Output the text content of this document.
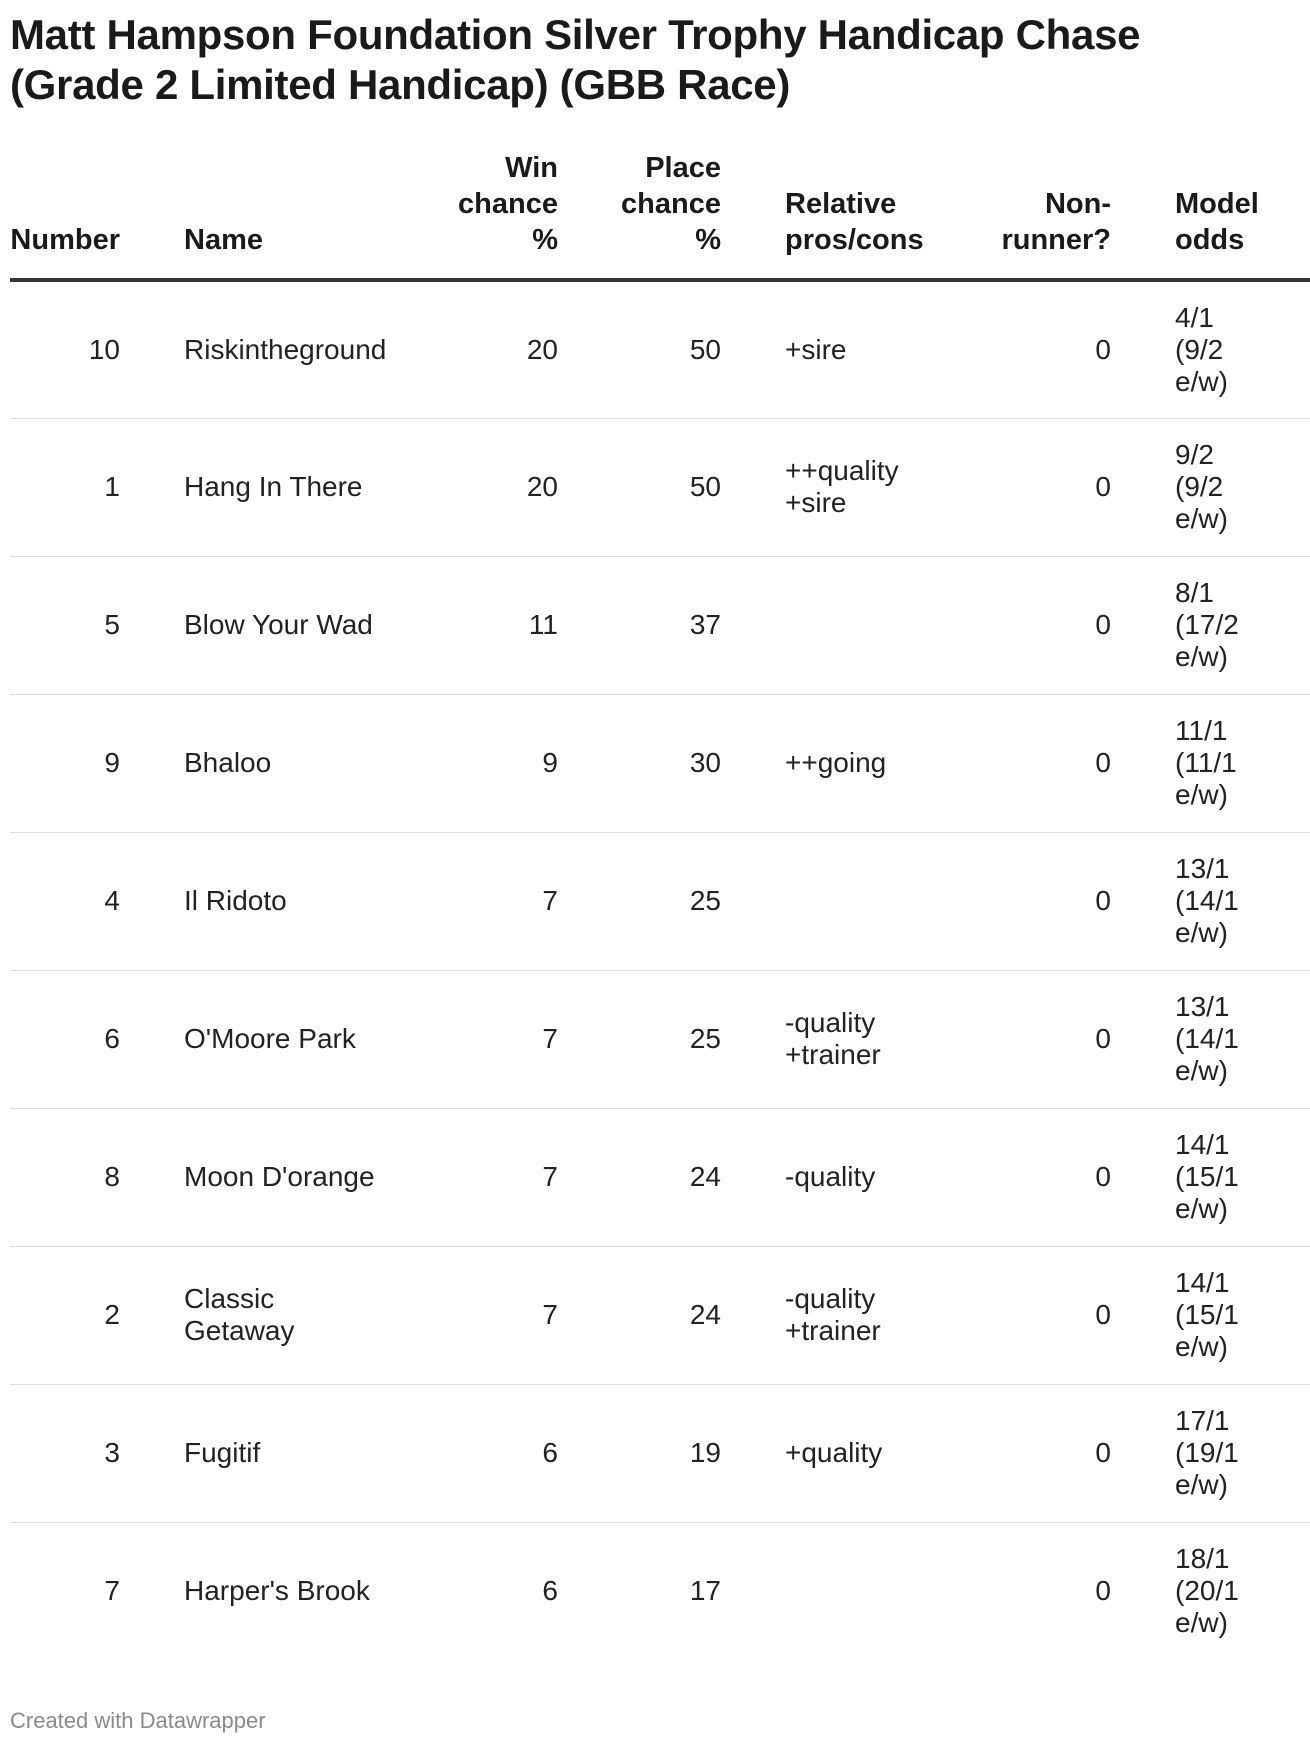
Matt Hampson Foundation Silver Trophy Handicap Chase (Grade 2 Limited Handicap) (GBB Race)
Number	Name	Win
chance
%	Place
chance
%	Relative
pros/cons	Non-
runner?	Model
odds
10	Riskintheground	20	50	+sire	0	4/1
(9/2
e/w)
1	Hang In There	20	50	++quality
+sire	0	9/2
(9/2
e/w)
5	Blow Your Wad	11	37		0	8/1
(17/2
e/w)
9	Bhaloo	9	30	++going	0	11/1
(11/1
e/w)
4	Il Ridoto	7	25		0	13/1
(14/1
e/w)
6	O'Moore Park	7	25	-quality
+trainer	0	13/1
(14/1
e/w)
8	Moon D'orange	7	24	-quality	0	14/1
(15/1
e/w)
2	Classic
Getaway	7	24	-quality
+trainer	0	14/1
(15/1
e/w)
3	Fugitif	6	19	+quality	0	17/1
(19/1
e/w)
7	Harper's Brook	6	17		0	18/1
(20/1
e/w)
Created with Datawrapper
